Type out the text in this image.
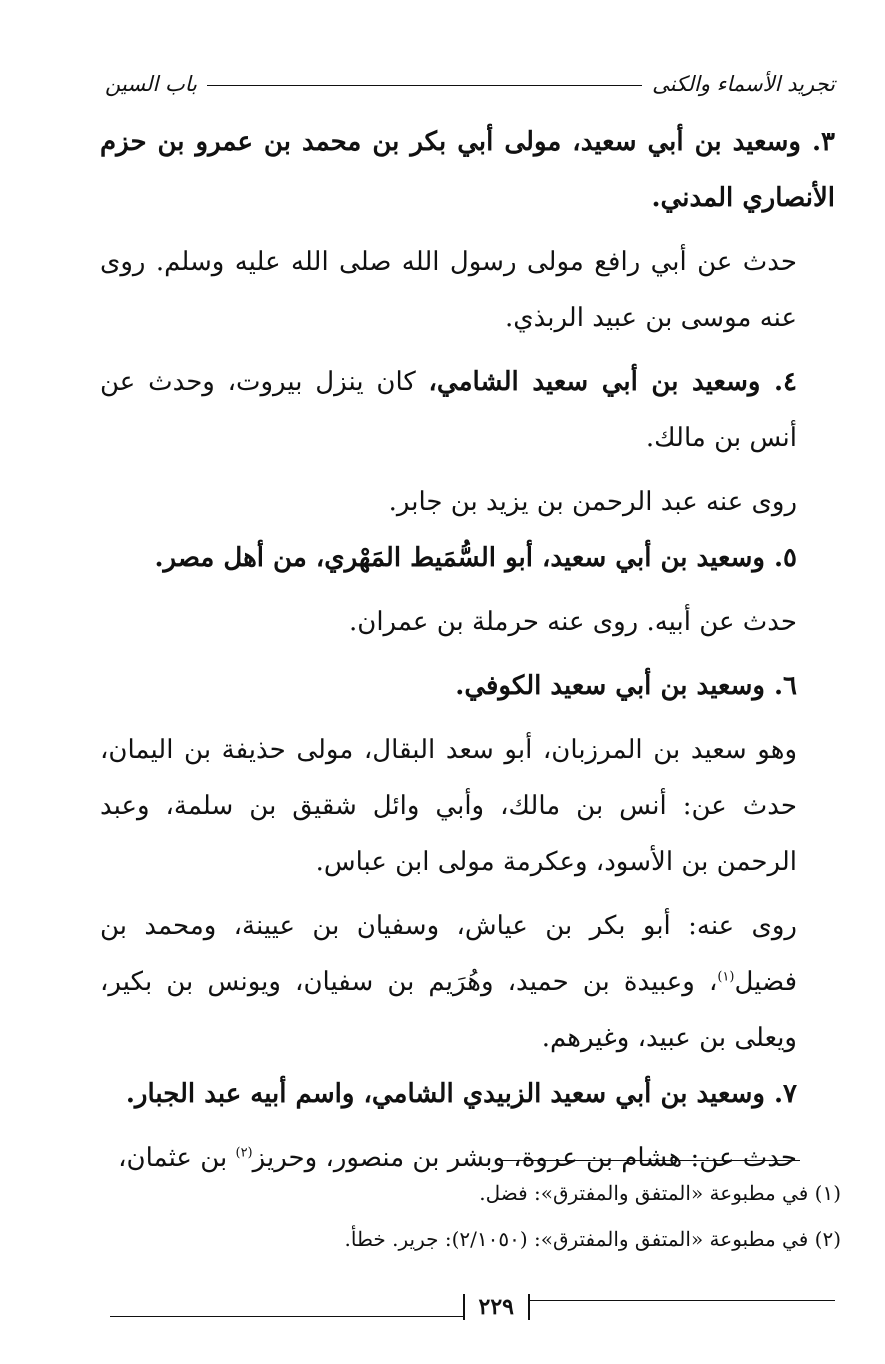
تجريد الأسماء والكنى
باب السين

٣. وسعيد بن أبي سعيد، مولى أبي بكر بن محمد بن عمرو بن حزم الأنصاري المدني.

حدث عن أبي رافع مولى رسول الله صلى الله عليه وسلم. روى عنه موسى بن عبيد الربذي.

٤. وسعيد بن أبي سعيد الشامي، كان ينزل بيروت، وحدث عن أنس بن مالك.

روى عنه عبد الرحمن بن يزيد بن جابر.

٥. وسعيد بن أبي سعيد، أبو السُّمَيط المَهْري، من أهل مصر.

حدث عن أبيه. روى عنه حرملة بن عمران.

٦. وسعيد بن أبي سعيد الكوفي.

وهو سعيد بن المرزبان، أبو سعد البقال، مولى حذيفة بن اليمان، حدث عن: أنس بن مالك، وأبي وائل شقيق بن سلمة، وعبد الرحمن بن الأسود، وعكرمة مولى ابن عباس.

روى عنه: أبو بكر بن عياش، وسفيان بن عيينة، ومحمد بن فضيل$^{(١)}$، وعبيدة بن حميد، وهُرَيم بن سفيان، ويونس بن بكير، ويعلى بن عبيد، وغيرهم.

٧. وسعيد بن أبي سعيد الزبيدي الشامي، واسم أبيه عبد الجبار.

حدث عن: هشام بن عروة، وبشر بن منصور، وحريز$^{(٢)}$ بن عثمان،

(١) في مطبوعة «المتفق والمفترق»: فضل.

(٢) في مطبوعة «المتفق والمفترق»: (٢/١٠٥٠): جرير. خطأ.

٢٢٩
